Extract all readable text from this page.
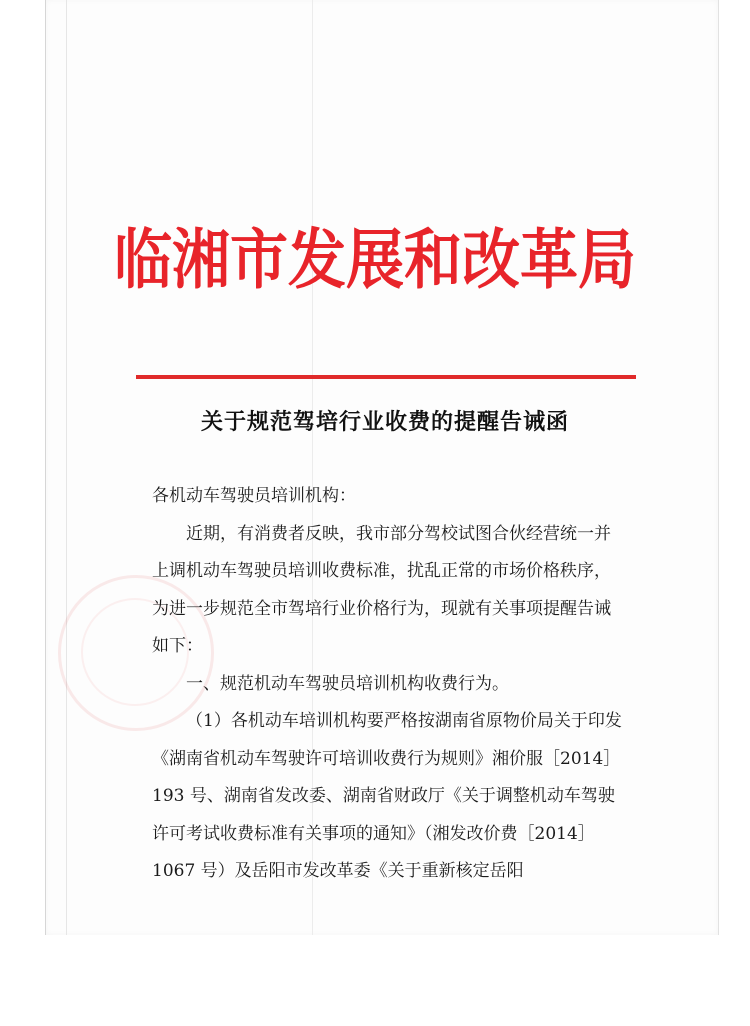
临湘市发展和改革局
关于规范驾培行业收费的提醒告诫函

各机动车驾驶员培训机构：

近期，有消费者反映，我市部分驾校试图合伙经营统一并上调机动车驾驶员培训收费标准，扰乱正常的市场价格秩序，为进一步规范全市驾培行业价格行为，现就有关事项提醒告诫如下：

一、规范机动车驾驶员培训机构收费行为。

（1）各机动车培训机构要严格按湖南省原物价局关于印发《湖南省机动车驾驶许可培训收费行为规则》湘价服［2014］193 号、湖南省发改委、湖南省财政厅《关于调整机动车驾驶许可考试收费标准有关事项的通知》（湘发改价费［2014］1067 号）及岳阳市发改革委《关于重新核定岳阳
